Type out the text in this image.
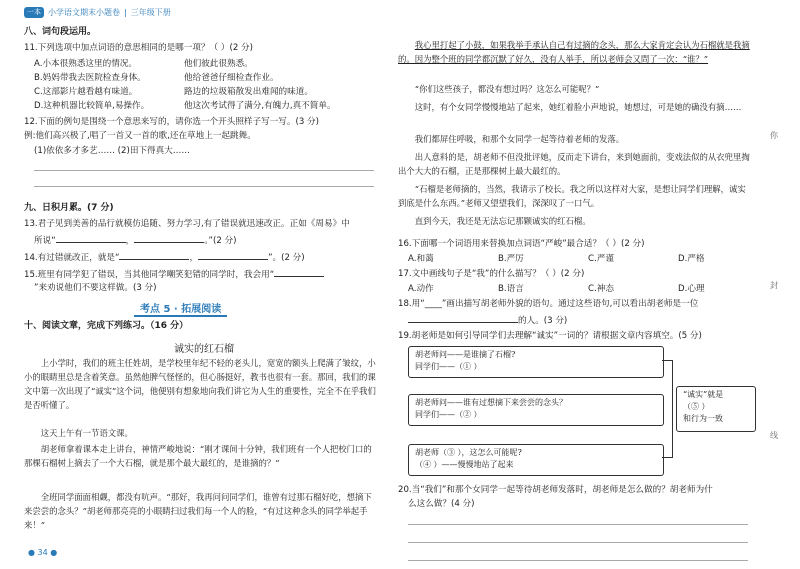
一本 小学语文期末小题卷 | 三年级下册
八、词句段运用。
11.下列选项中加点词语的意思相同的是哪一项？（ ）(2 分)
A.小本很熟悉这里的情况。	他们彼此很熟悉。
B.妈妈带我去医院检查身体。	他给爸爸仔细检查作业。
C.这部影片越看越有味道。	路边的垃圾箱散发出难闻的味道。
D.这种机器比较简单,易操作。	他这次考试得了满分,有魄力,真不简单。
12.下面的例句是围绕一个意思来写的，请你选一个开头照样子写一写。(3 分)
例:他们高兴极了,唱了一首又一首的歌,还在草地上一起跳舞。
(1)依依多才多艺…… (2)田下得真大……
九、日积月累。(7 分)
13.君子见到美善的品行就模仿追随、努力学习,有了错误就迅速改正。正如《周易》中
所说“	，	。”(2 分)
14.有过错就改正，就是“	，	”。(2 分)
15.班里有同学犯了错误，当其他同学嘲笑犯错的同学时，我会用“
”来劝说他们不要这样做。(3 分)
考点 5 · 拓展阅读
十、阅读文章，完成下列练习。（16 分）
诚实的红石榴
上小学时，我们的班主任姓胡，是学校里年纪不轻的老头儿，宽宽的额头上爬满了皱纹，小小的眼睛里总是含着笑意。虽然他脾气怪怪的，但心肠挺好，教书也很有一套。那回，我们的课文中第一次出现了“诚实”这个词，他便别有想象地向我们讲它为人生的重要性，完全不在乎我们是否听懂了。
这天上午有一节语文课。
胡老师拿着课本走上讲台，神情严峻地说：“刚才课间十分钟，我们班有一个人把校门口的那棵石榴树上摘去了一个大石榴，就是那个最大最红的，是谁摘的？”
全班同学面面相觑，都没有吭声。“那好，我再问问同学们，谁曾有过那石榴好吃，想摘下来尝尝的念头？”胡老师那亮亮的小眼睛扫过我们每一个人的脸，“有过这种念头的同学举起手来！”
● 34 ●
我心里打起了小鼓，如果我举手承认自己有过摘的念头，那么大家肯定会认为石榴就是我摘的。因为整个班的同学都沉默了好久，没有人举手，所以老师会又問了一次：“谁？”
“你们这些孩子，都没有想过吗？这怎么可能呢？”
这时，有个女同学慢慢地站了起来，她红着脸小声地说，她想过，可是她的确没有摘……
我们都屏住呼吸，和那个女同学一起等待着老师的发落。
出人意料的是，胡老师不但没批评她，反而走下讲台，来到她面前，变戏法似的从衣兜里掏出个大大的石榴，正是那棵树上最大最红的。
“石榴是老师摘的，当然，我请示了校长。我之所以这样对大家，是想让同学们理解，诚实到底是什么东西。”老师又望望我们，深深叹了一口气。
直到今天，我还是无法忘记那颗诚实的红石榴。
16.下面哪一个词语用来替换加点词语“严峻”最合适？（ ）(2 分)
A.和蔼	B.严厉	C.严谨	D.严格
17.文中画线句子是“我”的什么描写？（ ）(2 分)
A.动作	B.语言	C.神态	D.心理
18.用“____”画出描写胡老师外貌的语句。通过这些语句,可以看出胡老师是一位
的人。(3 分)
19.胡老师是如何引导同学们去理解“诚实”一词的？请根据文章内容填空。(5 分)
胡老师问——是谁摘了石榴?
同学们——（① ）
胡老师问——谁有过想摘下来尝尝的念头？
同学们——（② ）
胡老师（③ ），这怎么可能呢?
（④ ）——慢慢地站了起来
“诚实”就是
（⑤ ）
和行为一致
20.当“我们”和那个女同学一起等待胡老师发落时，胡老师是怎么做的？胡老师为什
么这么做？(4 分)
你
封
线
